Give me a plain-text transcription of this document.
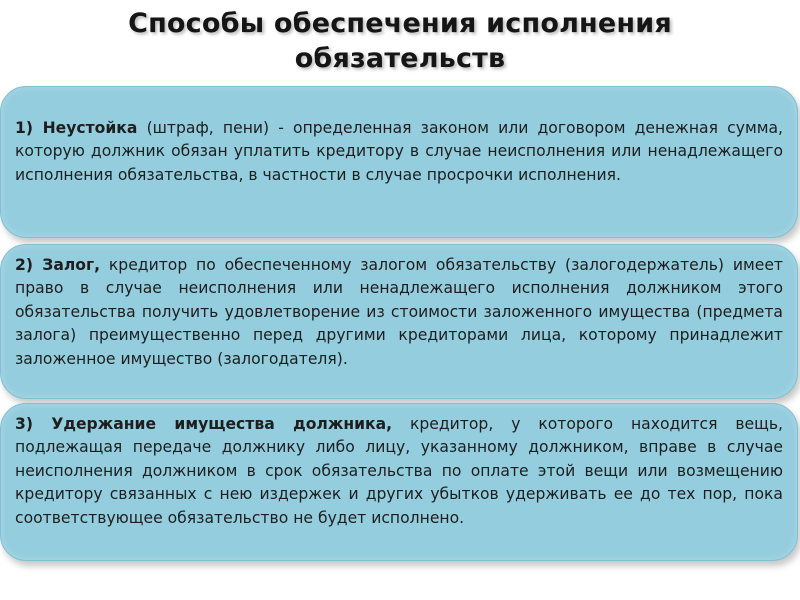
Способы обеспечения исполнения
обязательств
1) Неустойка (штраф, пени) - определенная законом или договором денежная сумма, которую должник обязан уплатить кредитору в случае неисполнения или ненадлежащего исполнения обязательства, в частности в случае просрочки исполнения.
2) Залог, кредитор по обеспеченному залогом обязательству (залогодержатель) имеет право в случае неисполнения или ненадлежащего исполнения должником этого обязательства получить удовлетворение из стоимости заложенного имущества (предмета залога) преимущественно перед другими кредиторами лица, которому принадлежит заложенное имущество (залогодателя).
3) Удержание имущества должника, кредитор, у которого находится вещь, подлежащая передаче должнику либо лицу, указанному должником, вправе в случае неисполнения должником в срок обязательства по оплате этой вещи или возмещению кредитору связанных с нею издержек и других убытков удерживать ее до тех пор, пока соответствующее обязательство не будет исполнено.
